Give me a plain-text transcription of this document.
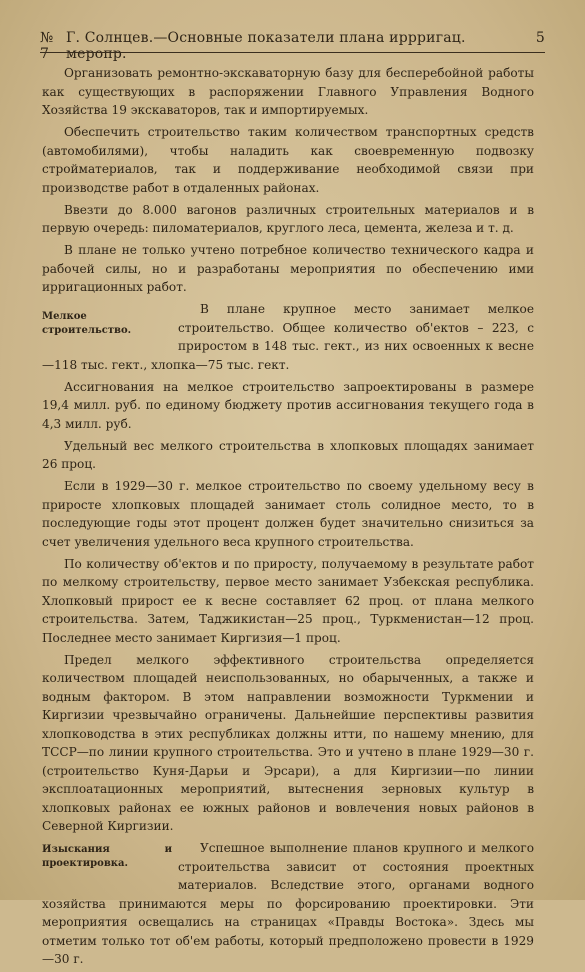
№ 7
Г. Солнцев.—Основные показатели плана иррригац. меропр.
5

Организовать ремонтно-экскаваторную базу для бесперебойной работы как существующих в распоряжении Главного Управления Водного Хозяйства 19 экскаваторов, так и импортируемых.

Обеспечить строительство таким количеством транспортных средств (автомобилями), чтобы наладить как своевременную подвозку стройматериалов, так и поддерживание необходимой связи при производстве работ в отдаленных районах.

Ввезти до 8.000 вагонов различных строительных материалов и в первую очередь: пиломатериалов, круглого леса, цемента, железа и т. д.

В плане не только учтено потребное количество технического кадра и рабочей силы, но и разработаны мероприятия по обеспечению ими ирригационных работ.

Мелкое строительство.

В плане крупное место занимает мелкое строительство. Общее количество об'ектов – 223, с приростом в 148 тыс. гект., из них освоенных к весне—118 тыс. гект., хлопка—75 тыс. гект.

Ассигнования на мелкое строительство запроектированы в размере 19,4 милл. руб. по единому бюджету против ассигнования текущего года в 4,3 милл. руб.

Удельный вес мелкого строительства в хлопковых площадях занимает 26 проц.

Если в 1929—30 г. мелкое строительство по своему удельному весу в приросте хлопковых площадей занимает столь солидное место, то в последующие годы этот процент должен будет значительно снизиться за счет увеличения удельного веса крупного строительства.

По количеству об'ектов и по приросту, получаемому в результате работ по мелкому строительству, первое место занимает Узбекская республика. Хлопковый прирост ее к весне составляет 62 проц. от плана мелкого строительства. Затем, Таджикистан—25 проц., Туркменистан—12 проц. Последнее место занимает Киргизия—1 проц.

Предел мелкого эффективного строительства определяется количеством площадей неиспользованных, но обарыченных, а также и водным фактором. В этом направлении возможности Туркмении и Киргизии чрезвычайно ограничены. Дальнейшие перспективы развития хлопководства в этих республиках должны итти, по нашему мнению, для ТССР—по линии крупного строительства. Это и учтено в плане 1929—30 г. (строительство Куня-Дарьи и Эрсари), а для Киргизии—по линии эксплоатационных мероприятий, вытеснения зерновых культур в хлопковых районах ее южных районов и вовлечения новых районов в Северной Киргизии.

Изыскания и проектировка.

Успешное выполнение планов крупного и мелкого строительства зависит от состояния проектных материалов. Вследствие этого, органами водного хозяйства принимаются меры по форсированию проектировки. Эти мероприятия освещались на страницах «Правды Востока». Здесь мы отметим только тот об'ем работы, который предположено провести в 1929—30 г.
